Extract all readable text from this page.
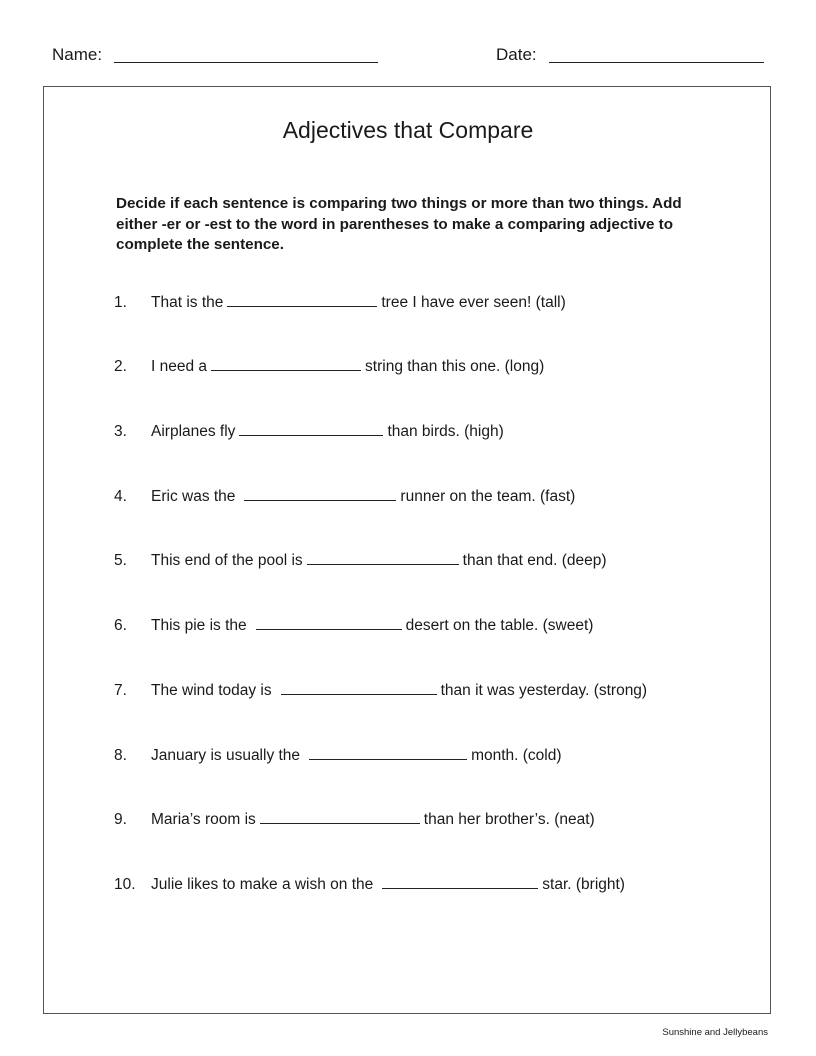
Name:	Date:
Adjectives that Compare
Decide if each sentence is comparing two things or more than two things. Add either -er or -est to the word in parentheses to make a comparing adjective to complete the sentence.
1. That is the	tree I have ever seen! (tall)
2. I need a	string than this one. (long)
3. Airplanes fly	than birds. (high)
4. Eric was the	runner on the team. (fast)
5. This end of the pool is	than that end. (deep)
6. This pie is the	desert on the table. (sweet)
7. The wind today is	than it was yesterday. (strong)
8. January is usually the	month. (cold)
9. Maria’s room is	than her brother’s. (neat)
10. Julie likes to make a wish on the	star. (bright)
Sunshine and Jellybeans
